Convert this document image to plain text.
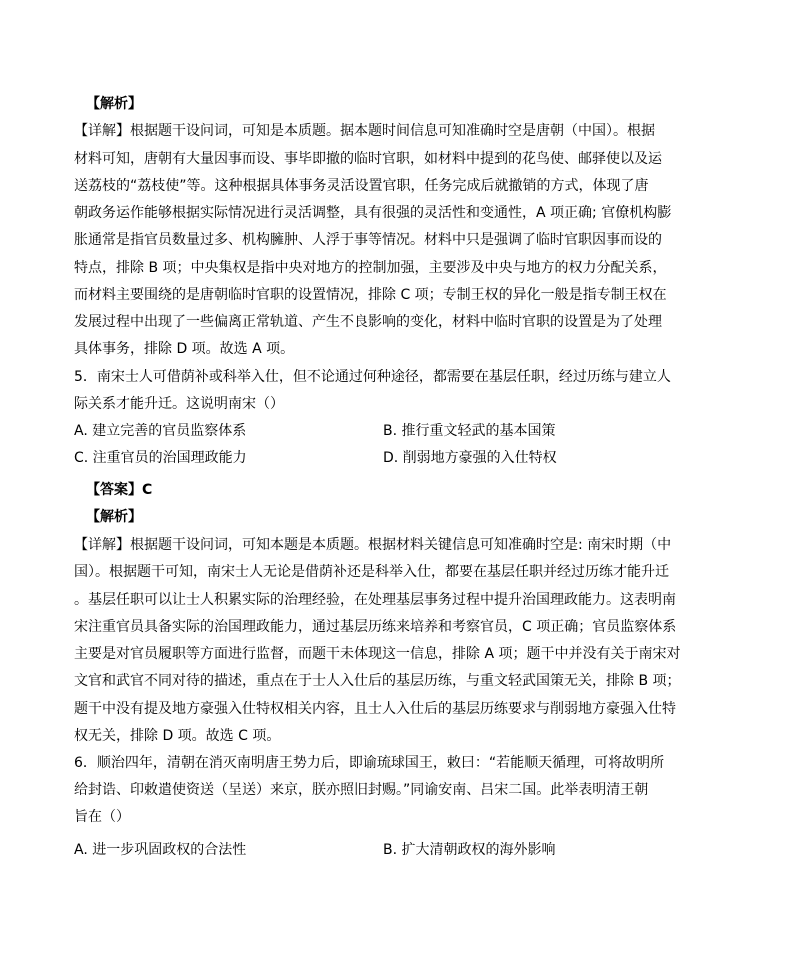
【解析】
【详解】根据题干设问词，可知是本质题。据本题时间信息可知准确时空是唐朝（中国）。根据
材料可知，唐朝有大量因事而设、事毕即撤的临时官职，如材料中提到的花鸟使、邮驿使以及运
送荔枝的“荔枝使”等。这种根据具体事务灵活设置官职，任务完成后就撤销的方式，体现了唐
朝政务运作能够根据实际情况进行灵活调整，具有很强的灵活性和变通性，A 项正确; 官僚机构膨
胀通常是指官员数量过多、机构臃肿、人浮于事等情况。材料中只是强调了临时官职因事而设的
特点，排除 B 项；中央集权是指中央对地方的控制加强，主要涉及中央与地方的权力分配关系，
而材料主要围绕的是唐朝临时官职的设置情况，排除 C 项；专制王权的异化一般是指专制王权在
发展过程中出现了一些偏离正常轨道、产生不良影响的变化，材料中临时官职的设置是为了处理
具体事务，排除 D 项。故选 A 项。
5．南宋士人可借荫补或科举入仕，但不论通过何种途径，都需要在基层任职，经过历练与建立人
际关系才能升迁。这说明南宋（）
A. 建立完善的官员监察体系	B. 推行重文轻武的基本国策
C. 注重官员的治国理政能力	D. 削弱地方豪强的入仕特权
【答案】C
【解析】
【详解】根据题干设问词，可知本题是本质题。根据材料关键信息可知准确时空是: 南宋时期（中
国）。根据题干可知，南宋士人无论是借荫补还是科举入仕，都要在基层任职并经过历练才能升迁
。基层任职可以让士人积累实际的治理经验，在处理基层事务过程中提升治国理政能力。这表明南
宋注重官员具备实际的治国理政能力，通过基层历练来培养和考察官员，C 项正确；官员监察体系
主要是对官员履职等方面进行监督，而题干未体现这一信息，排除 A 项；题干中并没有关于南宋对
文官和武官不同对待的描述，重点在于士人入仕后的基层历练，与重文轻武国策无关，排除 B 项；
题干中没有提及地方豪强入仕特权相关内容，且士人入仕后的基层历练要求与削弱地方豪强入仕特
权无关，排除 D 项。故选 C 项。
6．顺治四年，清朝在消灭南明唐王势力后，即谕琉球国王，敕曰：“若能顺天循理，可将故明所
给封诰、印敕遣使资送（呈送）来京，朕亦照旧封赐。”同谕安南、吕宋二国。此举表明清王朝
旨在（）
A. 进一步巩固政权的合法性	B. 扩大清朝政权的海外影响
